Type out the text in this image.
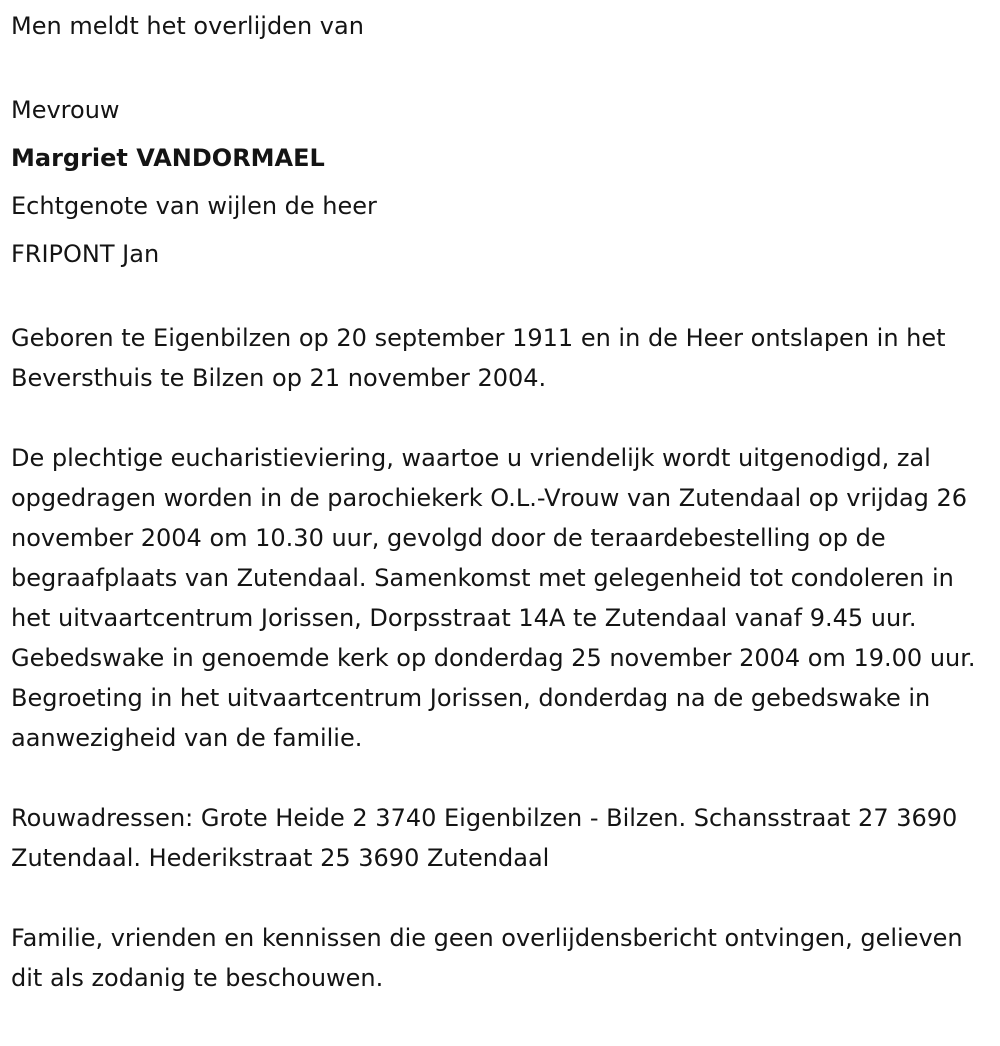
Men meldt het overlijden van

Mevrouw

Margriet VANDORMAEL

Echtgenote van wijlen de heer

FRIPONT Jan

Geboren te Eigenbilzen op 20 september 1911 en in de Heer ontslapen in het Beversthuis te Bilzen op 21 november 2004.

De plechtige eucharistieviering, waartoe u vriendelijk wordt uitgenodigd, zal opgedragen worden in de parochiekerk O.L.-Vrouw van Zutendaal op vrijdag 26 november 2004 om 10.30 uur, gevolgd door de teraardebestelling op de begraafplaats van Zutendaal. Samenkomst met gelegenheid tot condoleren in het uitvaartcentrum Jorissen, Dorpsstraat 14A te Zutendaal vanaf 9.45 uur. Gebedswake in genoemde kerk op donderdag 25 november 2004 om 19.00 uur. Begroeting in het uitvaartcentrum Jorissen, donderdag na de gebedswake in aanwezigheid van de familie.

Rouwadressen: Grote Heide 2 3740 Eigenbilzen - Bilzen. Schansstraat 27 3690 Zutendaal. Hederikstraat 25 3690 Zutendaal

Familie, vrienden en kennissen die geen overlijdensbericht ontvingen, gelieven dit als zodanig te beschouwen.
